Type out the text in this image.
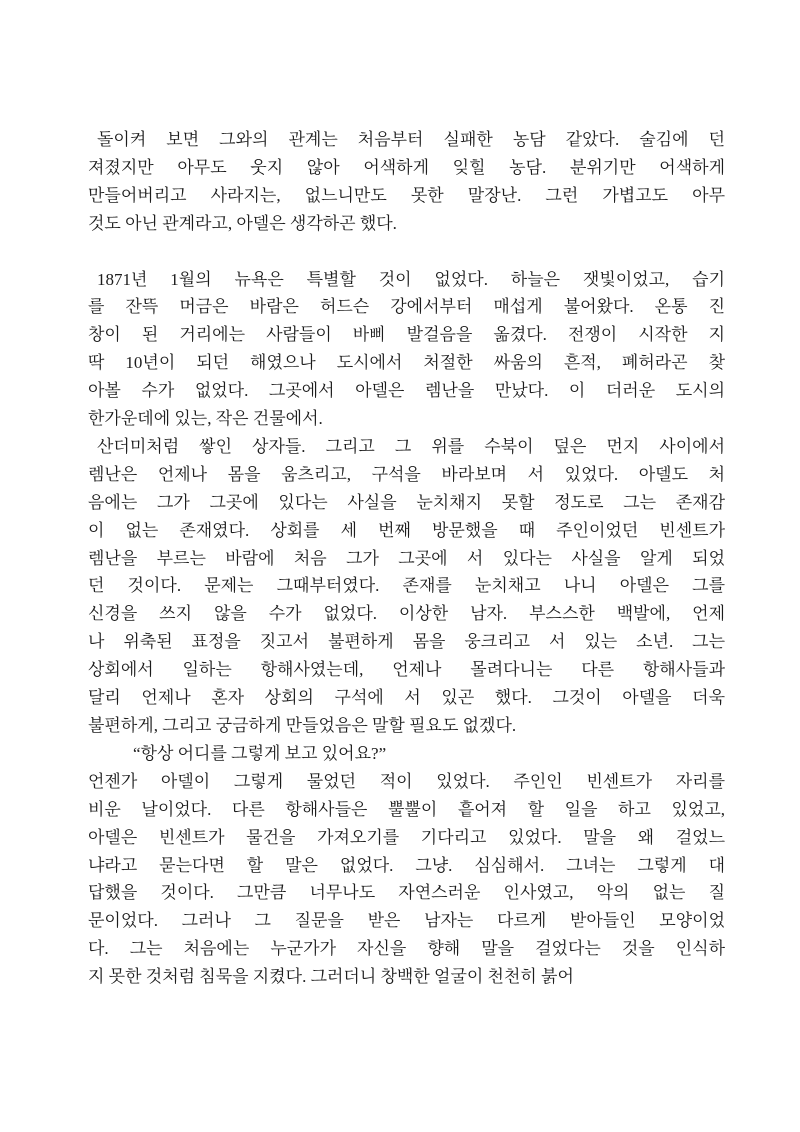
돌이켜 보면 그와의 관계는 처음부터 실패한 농담 같았다. 술김에 던
져졌지만 아무도 웃지 않아 어색하게 잊힐 농담. 분위기만 어색하게
만들어버리고 사라지는, 없느니만도 못한 말장난. 그런 가볍고도 아무
것도 아닌 관계라고, 아델은 생각하곤 했다.
1871년 1월의 뉴욕은 특별할 것이 없었다. 하늘은 잿빛이었고, 습기
를 잔뜩 머금은 바람은 허드슨 강에서부터 매섭게 불어왔다. 온통 진
창이 된 거리에는 사람들이 바삐 발걸음을 옮겼다. 전쟁이 시작한 지
딱 10년이 되던 해였으나 도시에서 처절한 싸움의 흔적, 폐허라곤 찾
아볼 수가 없었다. 그곳에서 아델은 렘난을 만났다. 이 더러운 도시의
한가운데에 있는, 작은 건물에서.
산더미처럼 쌓인 상자들. 그리고 그 위를 수북이 덮은 먼지 사이에서
렘난은 언제나 몸을 움츠리고, 구석을 바라보며 서 있었다. 아델도 처
음에는 그가 그곳에 있다는 사실을 눈치채지 못할 정도로 그는 존재감
이 없는 존재였다. 상회를 세 번째 방문했을 때 주인이었던 빈센트가
렘난을 부르는 바람에 처음 그가 그곳에 서 있다는 사실을 알게 되었
던 것이다. 문제는 그때부터였다. 존재를 눈치채고 나니 아델은 그를
신경을 쓰지 않을 수가 없었다. 이상한 남자. 부스스한 백발에, 언제
나 위축된 표정을 짓고서 불편하게 몸을 웅크리고 서 있는 소년. 그는
상회에서 일하는 항해사였는데, 언제나 몰려다니는 다른 항해사들과
달리 언제나 혼자 상회의 구석에 서 있곤 했다. 그것이 아델을 더욱
불편하게, 그리고 궁금하게 만들었음은 말할 필요도 없겠다.
“항상 어디를 그렇게 보고 있어요?”
언젠가 아델이 그렇게 물었던 적이 있었다. 주인인 빈센트가 자리를
비운 날이었다. 다른 항해사들은 뿔뿔이 흩어져 할 일을 하고 있었고,
아델은 빈센트가 물건을 가져오기를 기다리고 있었다. 말을 왜 걸었느
냐라고 묻는다면 할 말은 없었다. 그냥. 심심해서. 그녀는 그렇게 대
답했을 것이다. 그만큼 너무나도 자연스러운 인사였고, 악의 없는 질
문이었다. 그러나 그 질문을 받은 남자는 다르게 받아들인 모양이었
다. 그는 처음에는 누군가가 자신을 향해 말을 걸었다는 것을 인식하
지 못한 것처럼 침묵을 지켰다. 그러더니 창백한 얼굴이 천천히 붉어
